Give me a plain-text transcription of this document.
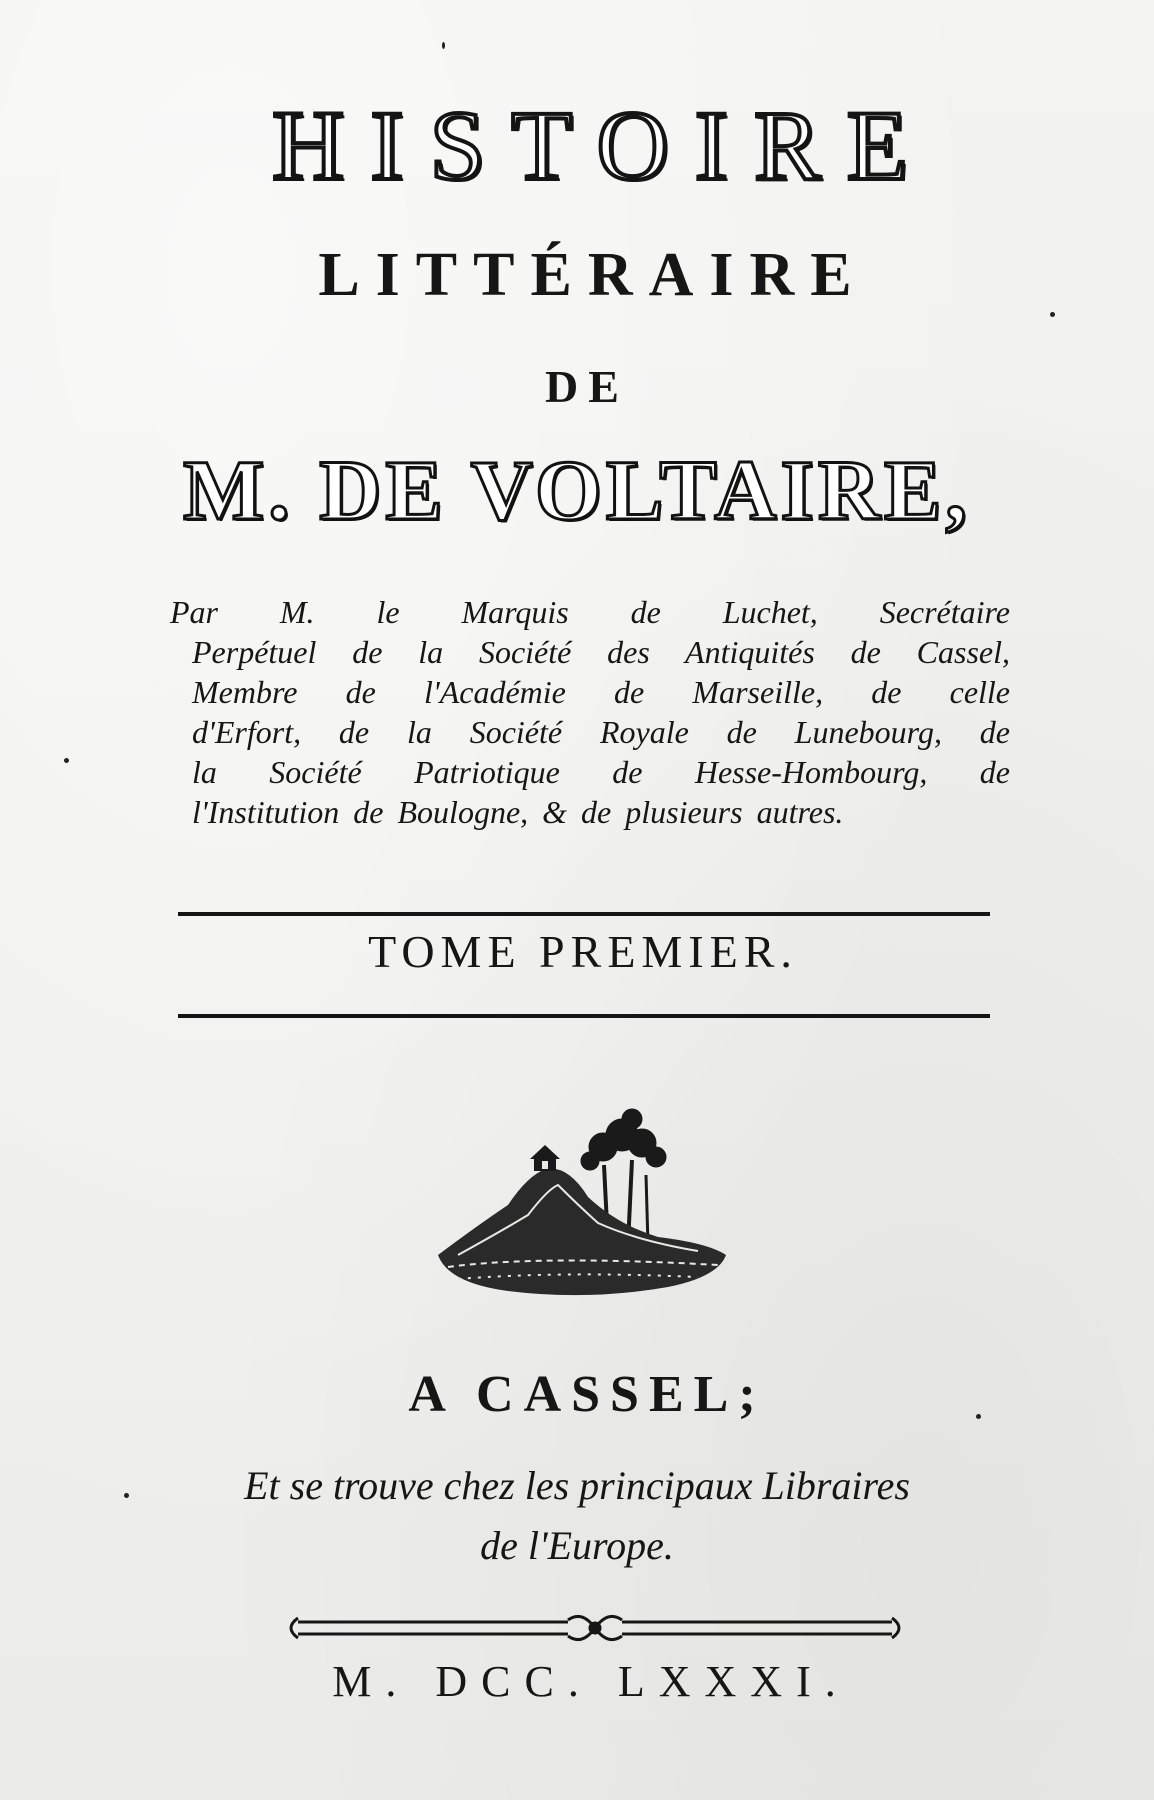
HISTOIRE
LITTÉRAIRE
DE
M. DE VOLTAIRE,

Par M. le Marquis de Luchet, Secrétaire

Perpétuel de la Société des Antiquités de Cassel,

Membre de l'Académie de Marseille, de celle

d'Erfort, de la Société Royale de Lunebourg, de

la Société Patriotique de Hesse-Hombourg, de

l'Institution de Boulogne, & de plusieurs autres.

TOME PREMIER.
A CASSEL;
Et se trouve chez les principaux Libraires
de l'Europe.
M. DCC. LXXXI.
